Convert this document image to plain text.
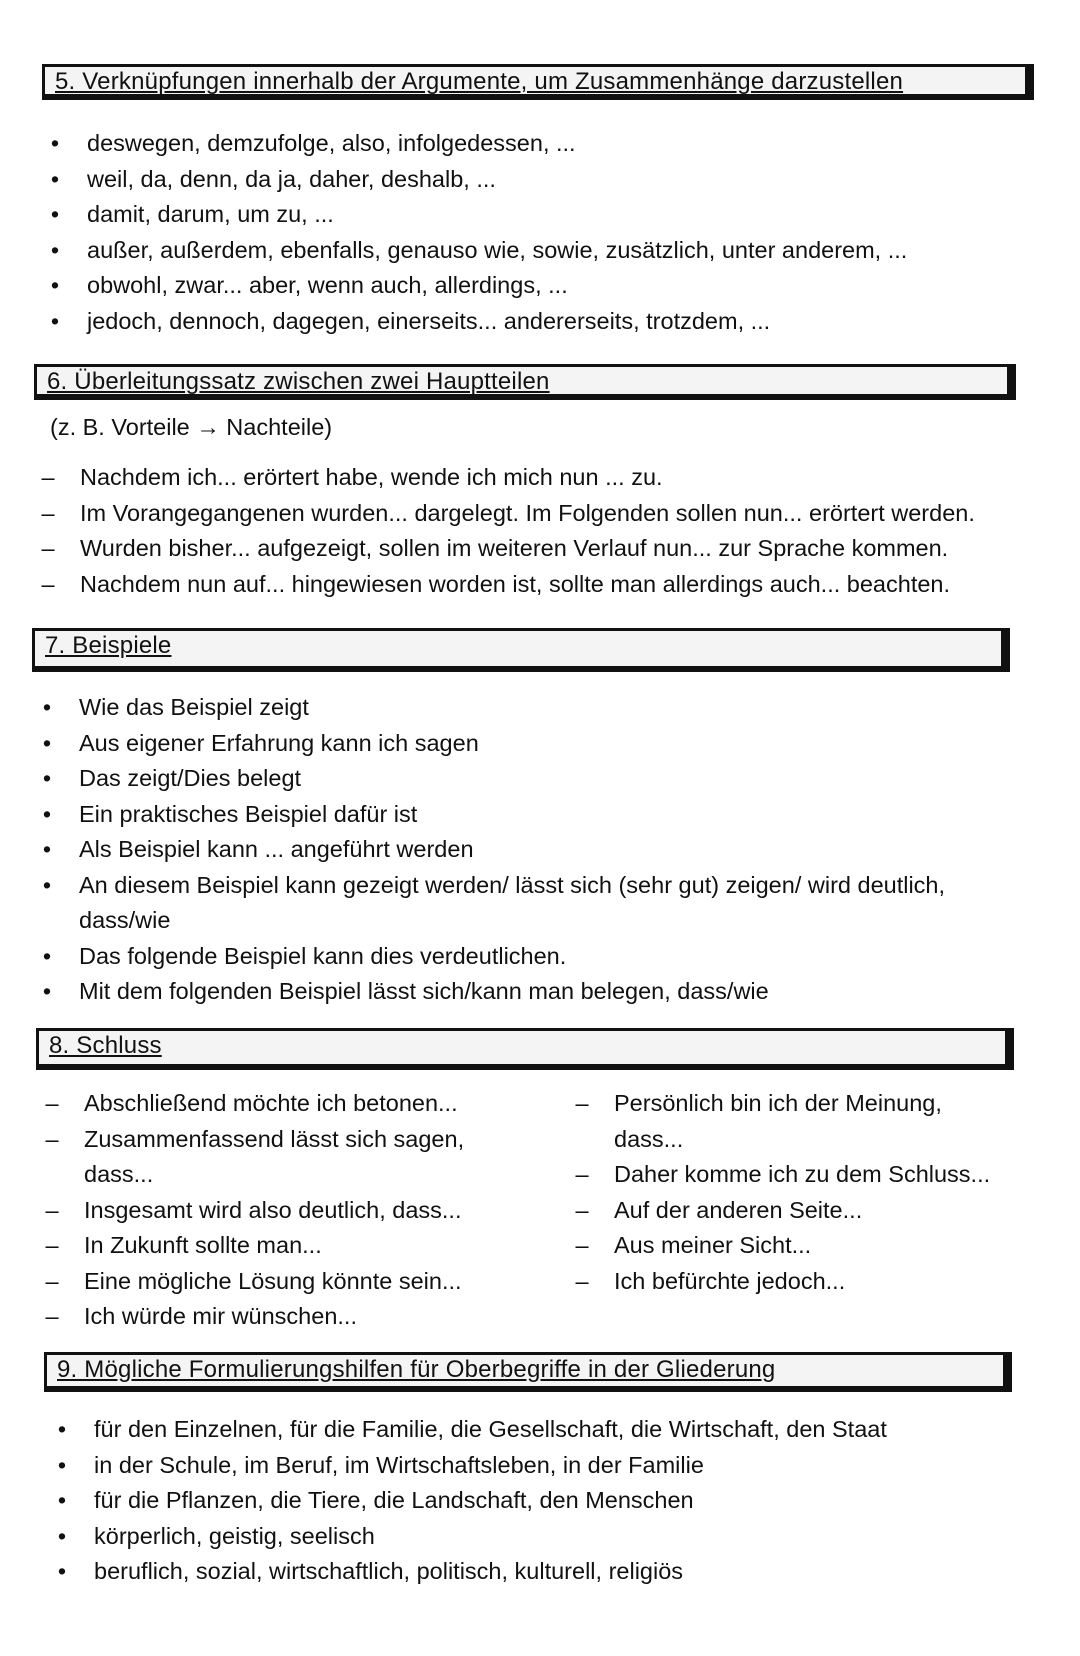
5. Verknüpfungen innerhalb der Argumente, um Zusammenhänge darzustellen
• deswegen, demzufolge, also, infolgedessen, ...
• weil, da, denn, da ja, daher, deshalb, ...
• damit, darum, um zu, ...
• außer, außerdem, ebenfalls, genauso wie, sowie, zusätzlich, unter anderem, ...
• obwohl, zwar... aber, wenn auch, allerdings, ...
• jedoch, dennoch, dagegen, einerseits... andererseits, trotzdem, ...
6. Überleitungssatz zwischen zwei Hauptteilen
(z. B. Vorteile → Nachteile)
– Nachdem ich... erörtert habe, wende ich mich nun ... zu.
– Im Vorangegangenen wurden... dargelegt. Im Folgenden sollen nun... erörtert werden.
– Wurden bisher... aufgezeigt, sollen im weiteren Verlauf nun... zur Sprache kommen.
– Nachdem nun auf... hingewiesen worden ist, sollte man allerdings auch... beachten.
7. Beispiele
• Wie das Beispiel zeigt
• Aus eigener Erfahrung kann ich sagen
• Das zeigt/Dies belegt
• Ein praktisches Beispiel dafür ist
• Als Beispiel kann ... angeführt werden
• An diesem Beispiel kann gezeigt werden/ lässt sich (sehr gut) zeigen/ wird deutlich, dass/wie
• Das folgende Beispiel kann dies verdeutlichen.
• Mit dem folgenden Beispiel lässt sich/kann man belegen, dass/wie
8. Schluss
– Abschließend möchte ich betonen...
– Zusammenfassend lässt sich sagen, dass...
– Insgesamt wird also deutlich, dass...
– In Zukunft sollte man...
– Eine mögliche Lösung könnte sein...
– Ich würde mir wünschen...
– Persönlich bin ich der Meinung, dass...
– Daher komme ich zu dem Schluss...
– Auf der anderen Seite...
– Aus meiner Sicht...
– Ich befürchte jedoch...
9. Mögliche Formulierungshilfen für Oberbegriffe in der Gliederung
• für den Einzelnen, für die Familie, die Gesellschaft, die Wirtschaft, den Staat
• in der Schule, im Beruf, im Wirtschaftsleben, in der Familie
• für die Pflanzen, die Tiere, die Landschaft, den Menschen
• körperlich, geistig, seelisch
• beruflich, sozial, wirtschaftlich, politisch, kulturell, religiös
